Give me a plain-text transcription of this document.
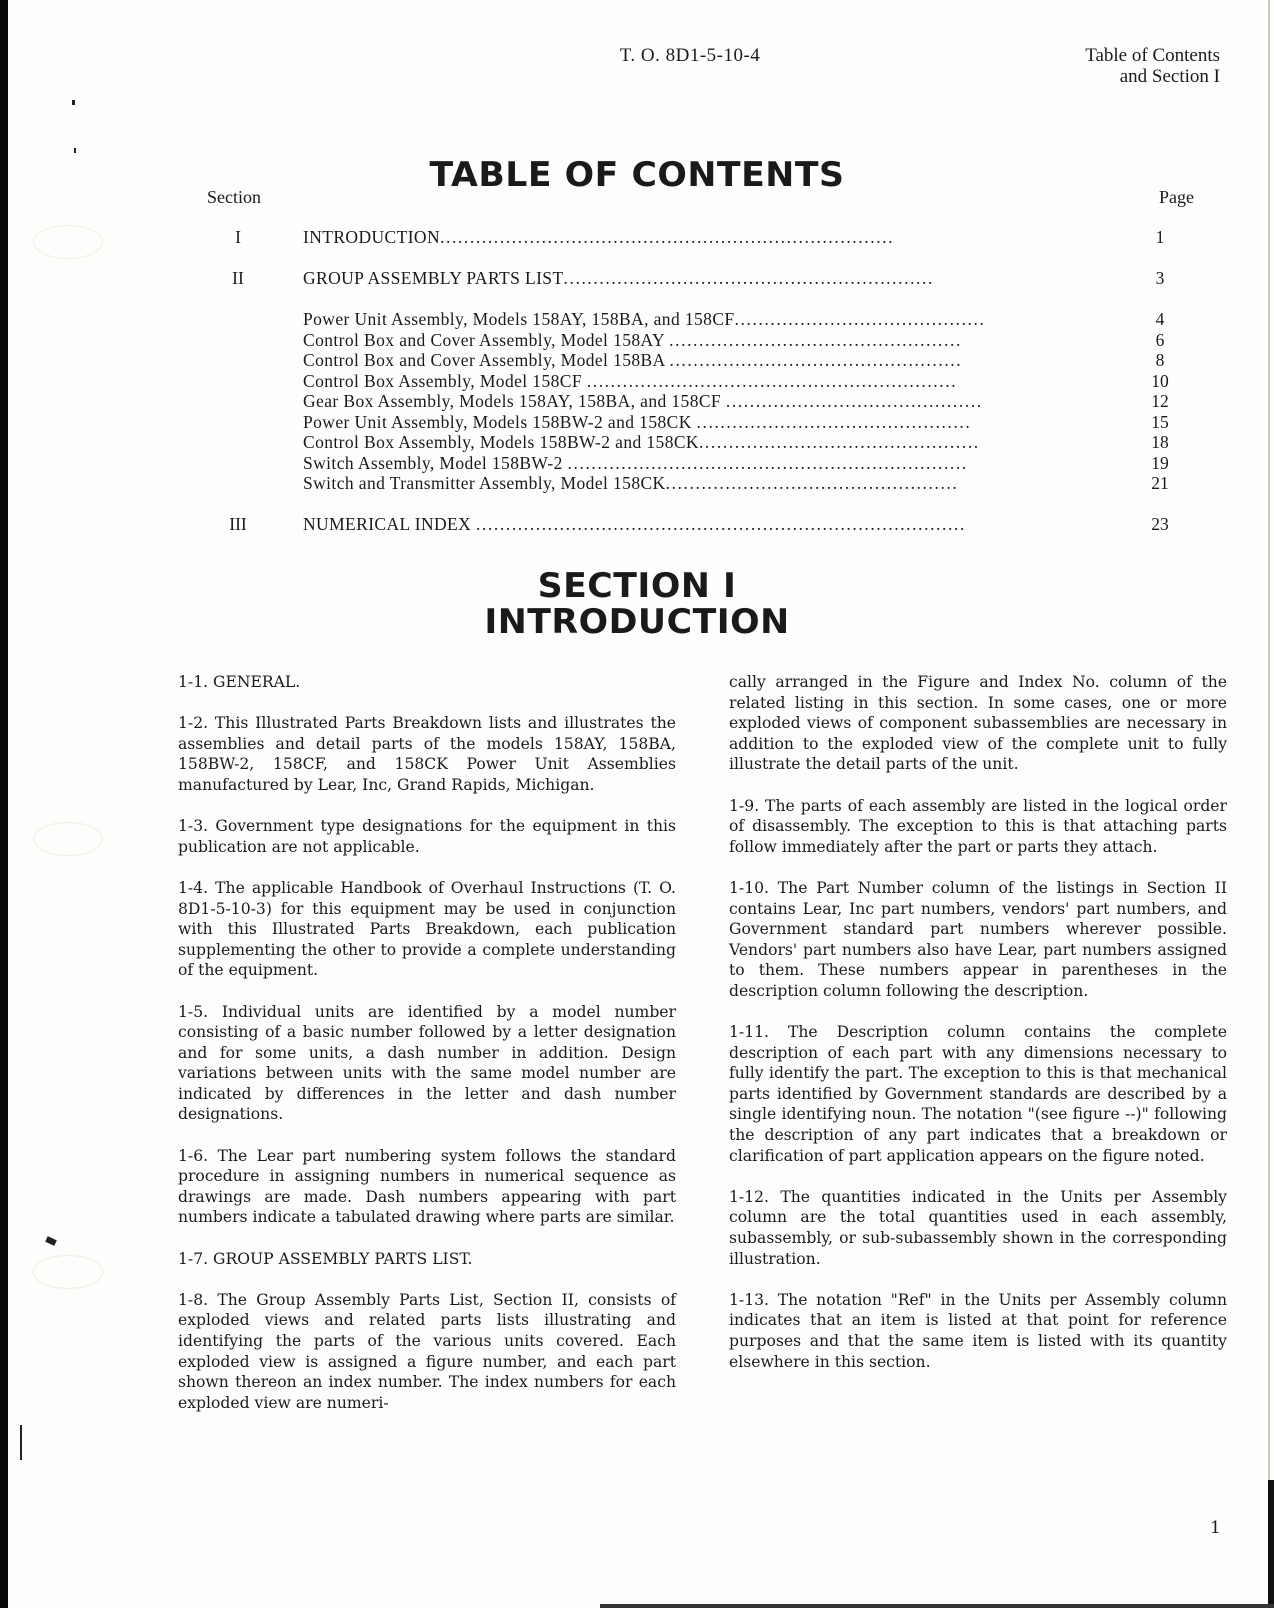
T. O. 8D1-5-10-4	Table of Contents
and Section I
TABLE OF CONTENTS
Section	Page
I	INTRODUCTION............................................................................	1
II	GROUP ASSEMBLY PARTS LIST..............................................................	3
Power Unit Assembly, Models 158AY, 158BA, and 158CF..........................................	4
Control Box and Cover Assembly, Model 158AY .................................................	6
Control Box and Cover Assembly, Model 158BA .................................................	8
Control Box Assembly, Model 158CF ..............................................................	10
Gear Box Assembly, Models 158AY, 158BA, and 158CF ...........................................	12
Power Unit Assembly, Models 158BW-2 and 158CK ..............................................	15
Control Box Assembly, Models 158BW-2 and 158CK...............................................	18
Switch Assembly, Model 158BW-2 ...................................................................	19
Switch and Transmitter Assembly, Model 158CK.................................................	21
III	NUMERICAL INDEX ..................................................................................	23
SECTION I
INTRODUCTION

1-1. GENERAL.

1-2. This Illustrated Parts Breakdown lists and illustrates the assemblies and detail parts of the models 158AY, 158BA, 158BW-2, 158CF, and 158CK Power Unit Assemblies manufactured by Lear, Inc, Grand Rapids, Michigan.

1-3. Government type designations for the equipment in this publication are not applicable.

1-4. The applicable Handbook of Overhaul Instructions (T. O. 8D1-5-10-3) for this equipment may be used in conjunction with this Illustrated Parts Breakdown, each publication supplementing the other to provide a complete understanding of the equipment.

1-5. Individual units are identified by a model number consisting of a basic number followed by a letter designation and for some units, a dash number in addition. Design variations between units with the same model number are indicated by differences in the letter and dash number designations.

1-6. The Lear part numbering system follows the standard procedure in assigning numbers in numerical sequence as drawings are made. Dash numbers appearing with part numbers indicate a tabulated drawing where parts are similar.

1-7. GROUP ASSEMBLY PARTS LIST.

1-8. The Group Assembly Parts List, Section II, consists of exploded views and related parts lists illustrating and identifying the parts of the various units covered. Each exploded view is assigned a figure number, and each part shown thereon an index number. The index numbers for each exploded view are numeri-

cally arranged in the Figure and Index No. column of the related listing in this section. In some cases, one or more exploded views of component subassemblies are necessary in addition to the exploded view of the complete unit to fully illustrate the detail parts of the unit.

1-9. The parts of each assembly are listed in the logical order of disassembly. The exception to this is that attaching parts follow immediately after the part or parts they attach.

1-10. The Part Number column of the listings in Section II contains Lear, Inc part numbers, vendors' part numbers, and Government standard part numbers wherever possible. Vendors' part numbers also have Lear, part numbers assigned to them. These numbers appear in parentheses in the description column following the description.

1-11. The Description column contains the complete description of each part with any dimensions necessary to fully identify the part. The exception to this is that mechanical parts identified by Government standards are described by a single identifying noun. The notation "(see figure --)" following the description of any part indicates that a breakdown or clarification of part application appears on the figure noted.

1-12. The quantities indicated in the Units per Assembly column are the total quantities used in each assembly, subassembly, or sub-subassembly shown in the corresponding illustration.

1-13. The notation "Ref" in the Units per Assembly column indicates that an item is listed at that point for reference purposes and that the same item is listed with its quantity elsewhere in this section.

1
